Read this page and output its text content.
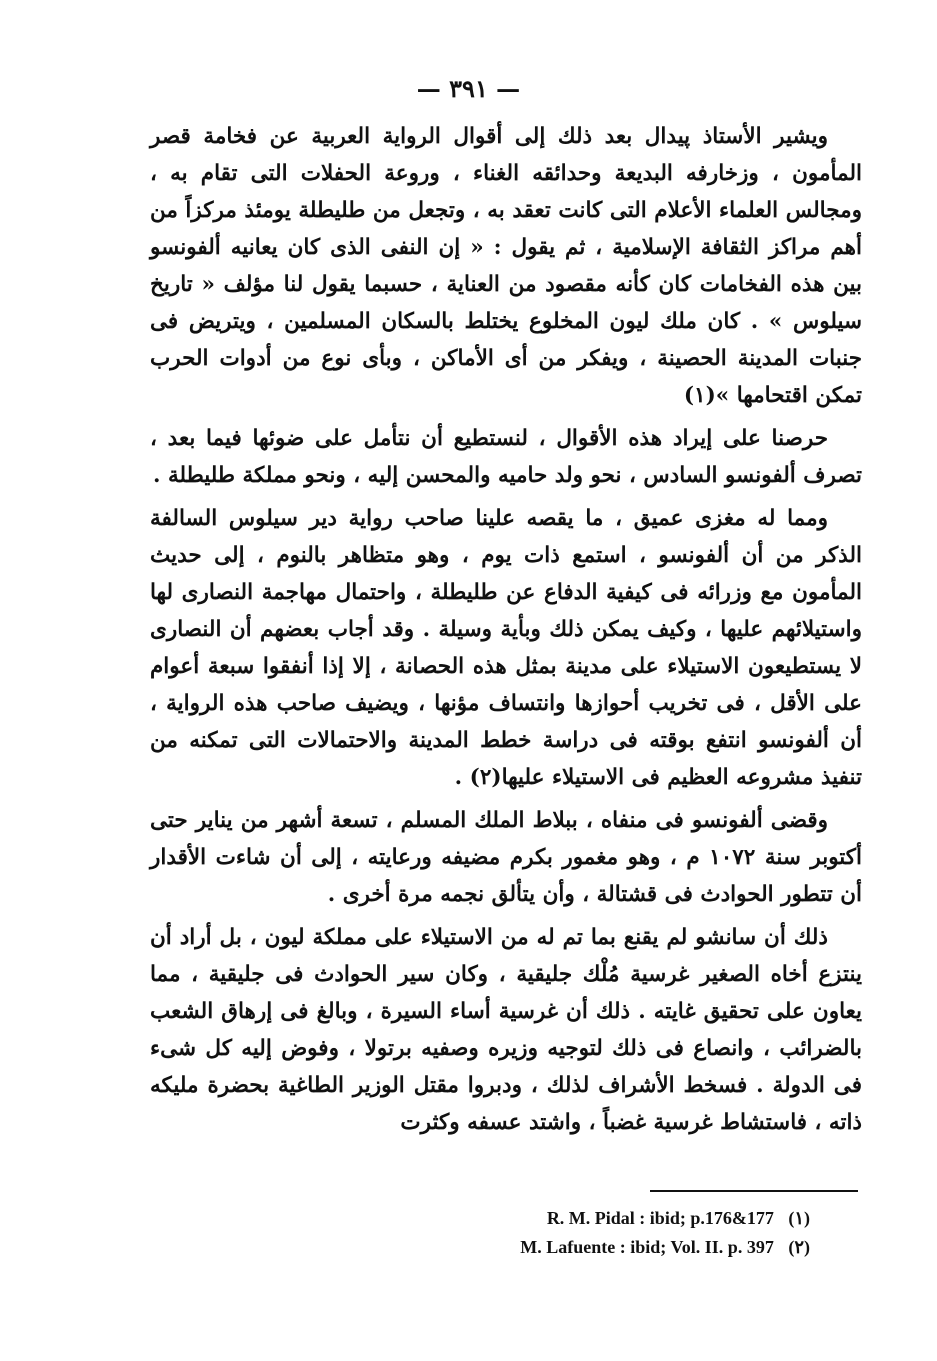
— ٣٩١ —

ويشير الأستاذ پيدال بعد ذلك إلى أقوال الرواية العربية عن فخامة قصر المأمون ، وزخارفه البديعة وحدائقه الغناء ، وروعة الحفلات التى تقام به ، ومجالس العلماء الأعلام التى كانت تعقد به ، وتجعل من طليطلة يومئذ مركزاً من أهم مراكز الثقافة الإسلامية ، ثم يقول : « إن النفى الذى كان يعانيه ألفونسو بين هذه الفخامات كان كأنه مقصود من العناية ، حسبما يقول لنا مؤلف « تاريخ سيلوس » . كان ملك ليون المخلوع يختلط بالسكان المسلمين ، ويتريض فى جنبات المدينة الحصينة ، ويفكر من أى الأماكن ، وبأى نوع من أدوات الحرب تمكن اقتحامها »(١)

حرصنا على إيراد هذه الأقوال ، لنستطيع أن نتأمل على ضوئها فيما بعد ، تصرف ألفونسو السادس ، نحو ولد حاميه والمحسن إليه ، ونحو مملكة طليطلة .

ومما له مغزى عميق ، ما يقصه علينا صاحب رواية دير سيلوس السالفة الذكر من أن ألفونسو ، استمع ذات يوم ، وهو متظاهر بالنوم ، إلى حديث المأمون مع وزرائه فى كيفية الدفاع عن طليطلة ، واحتمال مهاجمة النصارى لها واستيلائهم عليها ، وكيف يمكن ذلك وبأية وسيلة . وقد أجاب بعضهم أن النصارى لا يستطيعون الاستيلاء على مدينة بمثل هذه الحصانة ، إلا إذا أنفقوا سبعة أعوام على الأقل ، فى تخريب أحوازها وانتساف مؤنها ، ويضيف صاحب هذه الرواية ، أن ألفونسو انتفع بوقته فى دراسة خطط المدينة والاحتمالات التى تمكنه من تنفيذ مشروعه العظيم فى الاستيلاء عليها(٢) .

وقضى ألفونسو فى منفاه ، ببلاط الملك المسلم ، تسعة أشهر من يناير حتى أكتوبر سنة ١٠٧٢ م ، وهو مغمور بكرم مضيفه ورعايته ، إلى أن شاءت الأقدار أن تتطور الحوادث فى قشتالة ، وأن يتألق نجمه مرة أخرى .

ذلك أن سانشو لم يقنع بما تم له من الاستيلاء على مملكة ليون ، بل أراد أن ينتزع أخاه الصغير غرسية مُلْك جليقية ، وكان سير الحوادث فى جليقية ، مما يعاون على تحقيق غايته . ذلك أن غرسية أساء السيرة ، وبالغ فى إرهاق الشعب بالضرائب ، وانصاع فى ذلك لتوجيه وزيره وصفيه برتولا ، وفوض إليه كل شىء فى الدولة . فسخط الأشراف لذلك ، ودبروا مقتل الوزير الطاغية بحضرة مليكه ذاته ، فاستشاط غرسية غضباً ، واشتد عسفه وكثرت

R. M. Pidal : ibid; p.176&177 (١)
M. Lafuente : ibid; Vol. II. p. 397 (٢)
